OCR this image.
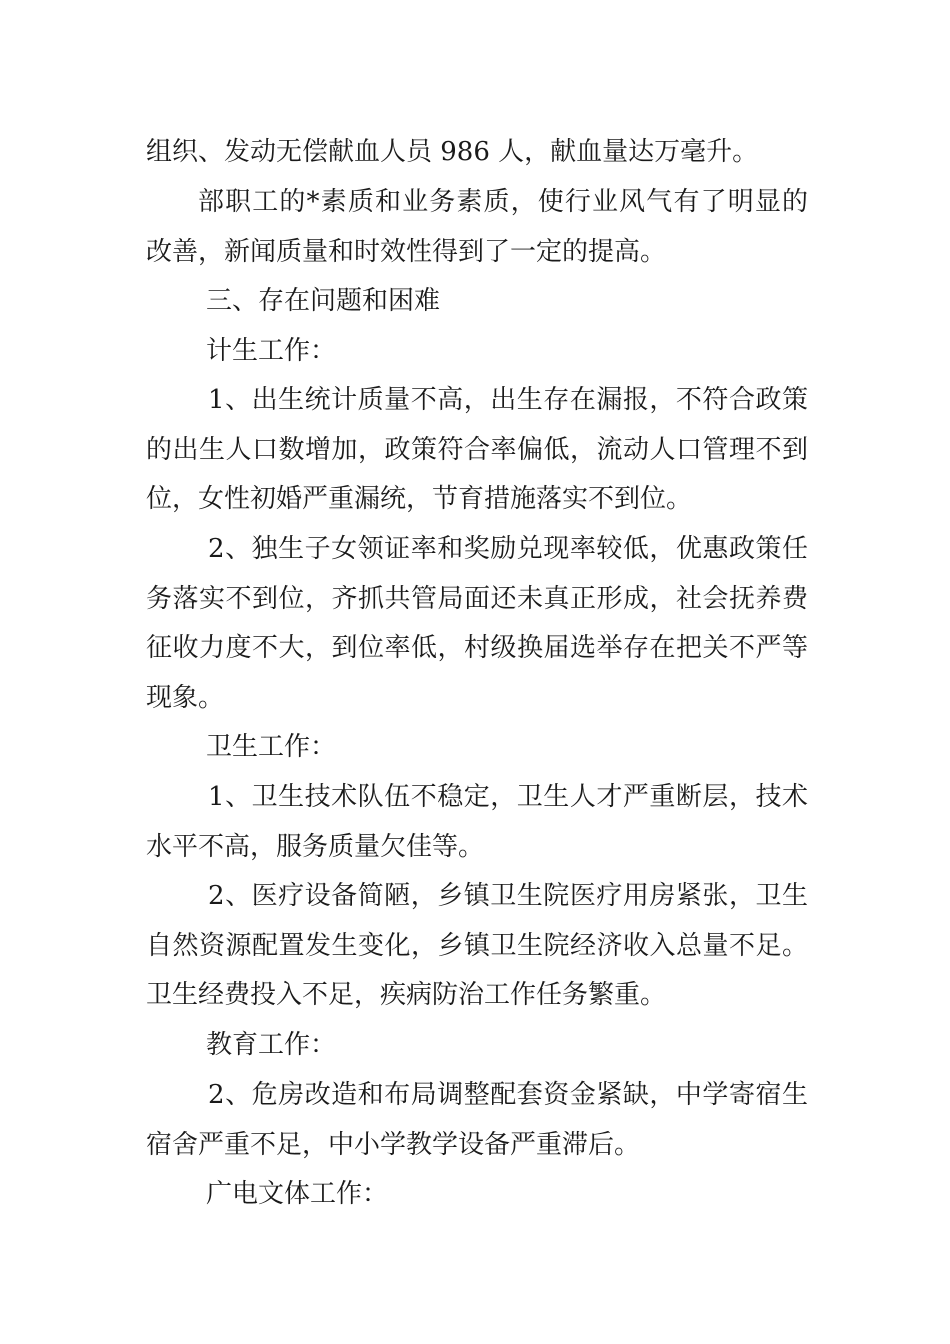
组织、发动无偿献血人员 986 人，献血量达万毫升。

部职工的*素质和业务素质，使行业风气有了明显的改善，新闻质量和时效性得到了一定的提高。

三、存在问题和困难

计生工作：

1、出生统计质量不高，出生存在漏报，不符合政策的出生人口数增加，政策符合率偏低，流动人口管理不到位，女性初婚严重漏统，节育措施落实不到位。

2、独生子女领证率和奖励兑现率较低，优惠政策任务落实不到位，齐抓共管局面还未真正形成，社会抚养费征收力度不大，到位率低，村级换届选举存在把关不严等现象。

卫生工作：

1、卫生技术队伍不稳定，卫生人才严重断层，技术水平不高，服务质量欠佳等。

2、医疗设备简陋，乡镇卫生院医疗用房紧张，卫生自然资源配置发生变化，乡镇卫生院经济收入总量不足。卫生经费投入不足，疾病防治工作任务繁重。

教育工作：

2、危房改造和布局调整配套资金紧缺，中学寄宿生宿舍严重不足，中小学教学设备严重滞后。

广电文体工作：
